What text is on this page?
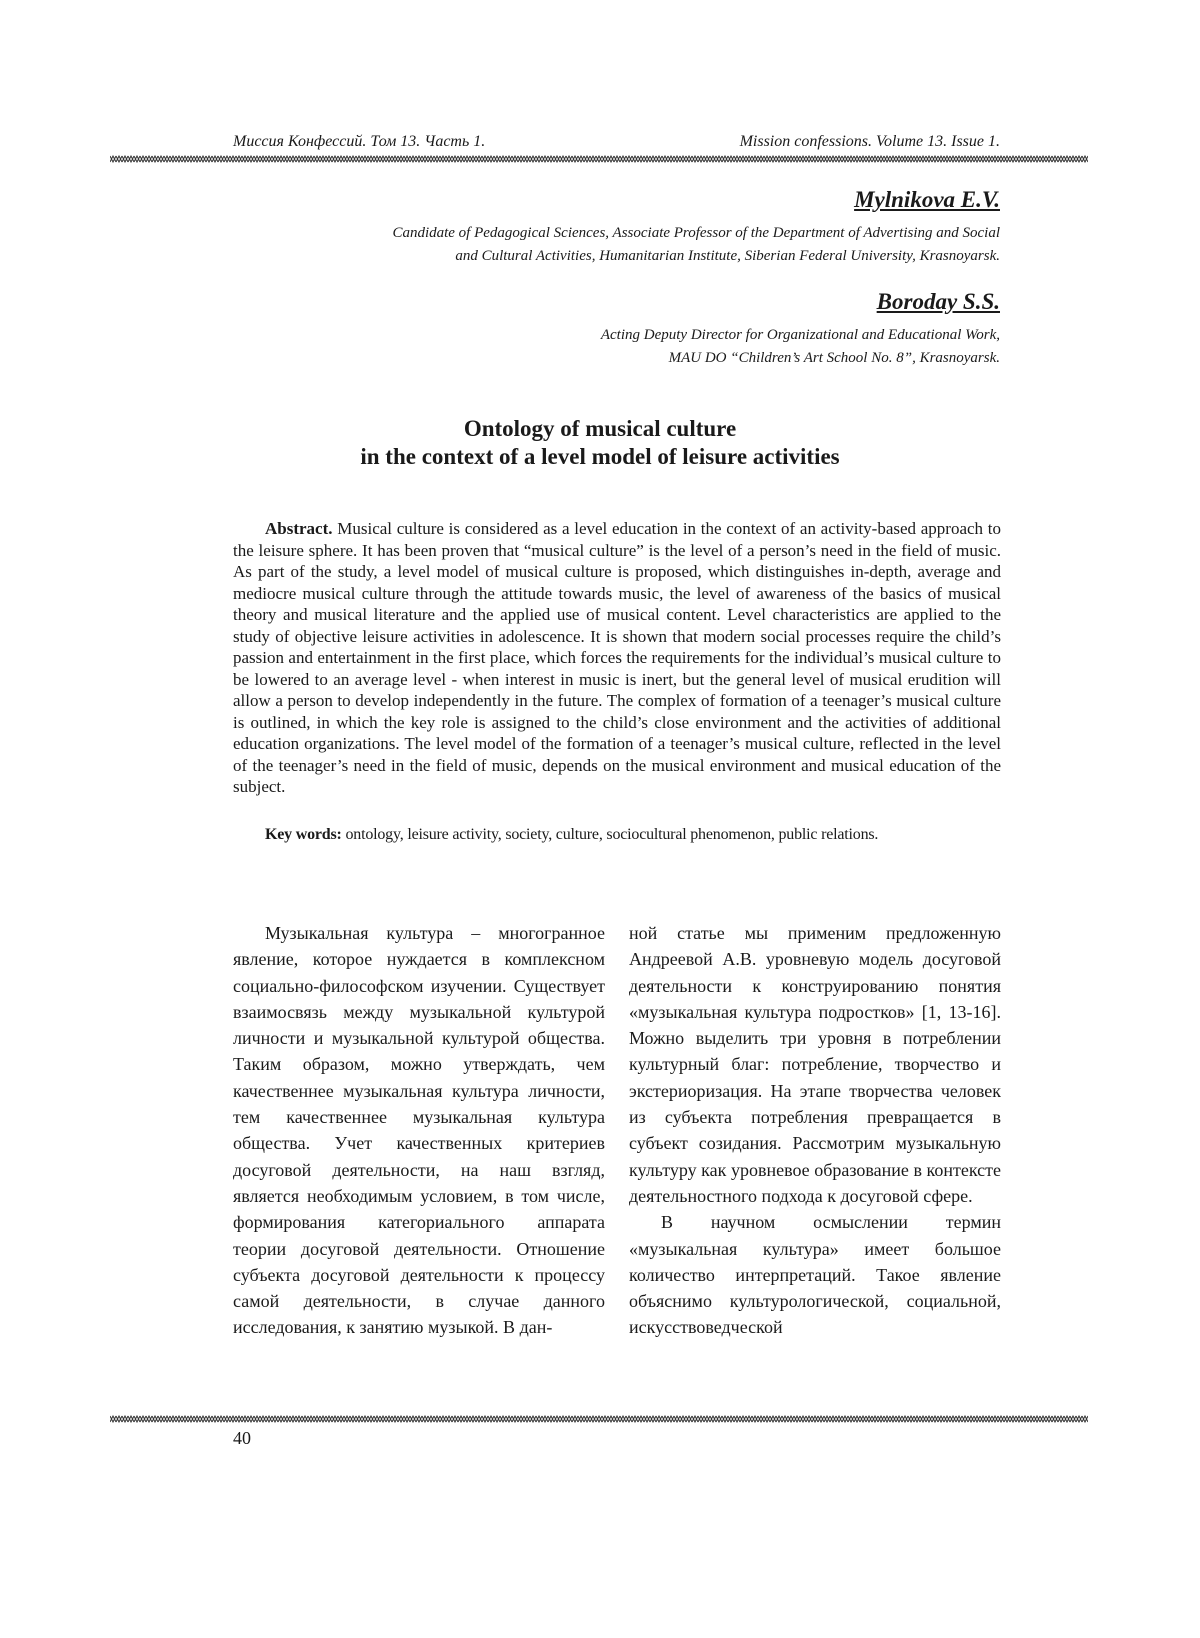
Миссия Конфессий. Том 13. Часть 1.	Mission confessions. Volume 13. Issue 1.
Mylnikova E.V.
Candidate of Pedagogical Sciences, Associate Professor of the Department of Advertising and Social
and Cultural Activities, Humanitarian Institute, Siberian Federal University, Krasnoyarsk.
Boroday S.S.
Acting Deputy Director for Organizational and Educational Work,
MAU DO “Children’s Art School No. 8”, Krasnoyarsk.
Ontology of musical culture
in the context of a level model of leisure activities

Abstract. Musical culture is considered as a level education in the context of an activity-based approach to the leisure sphere. It has been proven that “musical culture” is the level of a person’s need in the field of music. As part of the study, a level model of musical culture is proposed, which distinguishes in-depth, average and mediocre musical culture through the attitude towards music, the level of awareness of the basics of musical theory and musical literature and the applied use of musical content. Level characteristics are applied to the study of objective leisure activities in adolescence. It is shown that modern social processes require the child’s passion and entertainment in the first place, which forces the requirements for the individual’s musical culture to be lowered to an average level - when interest in music is inert, but the general level of musical erudition will allow a person to develop independently in the future. The complex of formation of a teenager’s musical culture is outlined, in which the key role is assigned to the child’s close environment and the activities of additional education organizations. The level model of the formation of a teenager’s musical culture, reflected in the level of the teenager’s need in the field of music, depends on the musical environment and musical education of the subject.

Key words: ontology, leisure activity, society, culture, sociocultural phenomenon, public relations.

Музыкальная культура – многогранное явление, которое нуждается в комплексном социально-философском изучении. Существует взаимосвязь между музыкальной культурой личности и музыкальной культурой общества. Таким образом, можно утверждать, чем качественнее музыкальная культура личности, тем качественнее музыкальная культура общества. Учет качественных критериев досуговой деятельности, на наш взгляд, является необходимым условием, в том числе, формирования категориального аппарата теории досуговой деятельности. Отношение субъекта досуговой деятельности к процессу самой деятельности, в случае данного исследования, к занятию музыкой. В дан-

ной статье мы применим предложенную Андреевой А.В. уровневую модель досуговой деятельности к конструированию понятия «музыкальная культура подростков» [1, 13-16]. Можно выделить три уровня в потреблении культурный благ: потребление, творчество и экстериоризация. На этапе творчества человек из субъекта потребления превращается в субъект созидания. Рассмотрим музыкальную культуру как уровневое образование в контексте деятельностного подхода к досуговой сфере.

В научном осмыслении термин «музыкальная культура» имеет большое количество интерпретаций. Такое явление объяснимо культурологической, социальной, искусствоведческой

40
